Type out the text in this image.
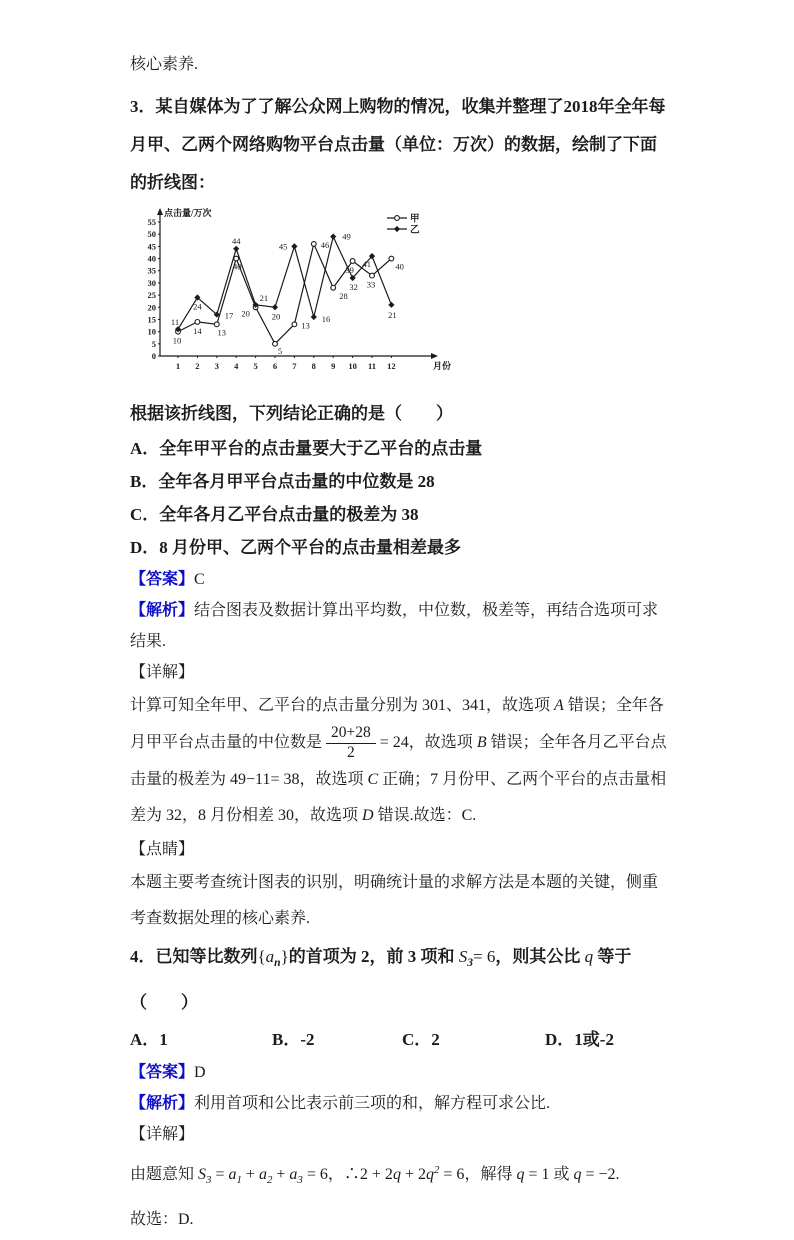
核心素养.

3．某自媒体为了了解公众网上购物的情况，收集并整理了2018年全年每月甲、乙两个网络购物平台点击量（单位：万次）的数据，绘制了下面的折线图：

点击量/万次
月份
0
5
10
15
20
25
30
35
40
45
50
55
1 2 3 4 5 6 7 8 9 10 11 12
10
14 13
40
20
5
13
46
28
39
33
40
11
24
17
44
21
20
45
16
49
32
41
21
甲
乙

根据该折线图，下列结论正确的是（　　）

A．全年甲平台的点击量要大于乙平台的点击量

B．全年各月甲平台点击量的中位数是 28

C．全年各月乙平台点击量的极差为 38

D．8 月份甲、乙两个平台的点击量相差最多

【答案】C

【解析】结合图表及数据计算出平均数，中位数，极差等，再结合选项可求结果.

【详解】

计算可知全年甲、乙平台的点击量分别为 301、341，故选项 A 错误；全年各月甲平台点击量的中位数是 $\frac{20+28}{2} = 24$，故选项 B 错误；全年各月乙平台点击量的极差为 49−11= 38，故选项 C 正确；7 月份甲、乙两个平台的点击量相差为 32，8 月份相差 30，故选项 D 错误.故选：C.

【点睛】

本题主要考查统计图表的识别，明确统计量的求解方法是本题的关键，侧重考查数据处理的核心素养.

4．已知等比数列$\{a_n\}$的首项为 2，前 3 项和 $S_3= 6$，则其公比 q 等于（　　）

A．1	B．-2	C．2	D．1或-2

【答案】D

【解析】利用首项和公比表示前三项的和，解方程可求公比.

【详解】

由题意知 $S_3 = a_1 + a_2 + a_3 = 6$，∴2 + $2q + 2q^2 = 6$，解得 q = 1 或 q = −2.

故选：D.
